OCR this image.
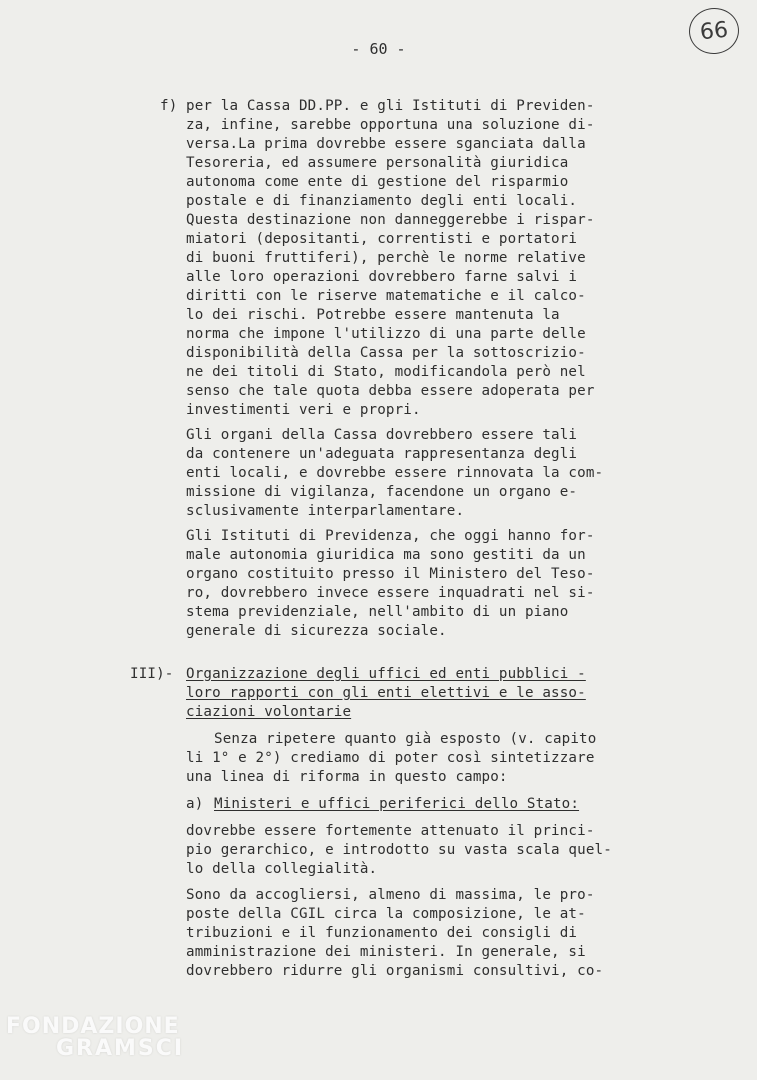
66
- 60 -
f) per la Cassa DD.PP. e gli Istituti di Previden-
za, infine, sarebbe opportuna una soluzione di-
versa.La prima dovrebbe essere sganciata dalla
Tesoreria, ed assumere personalità giuridica
autonoma come ente di gestione del risparmio
postale e di finanziamento degli enti locali.
Questa destinazione non danneggerebbe i rispar-
miatori (depositanti, correntisti e portatori
di buoni fruttiferi), perchè le norme relative
alle loro operazioni dovrebbero farne salvi i
diritti con le riserve matematiche e il calco-
lo dei rischi. Potrebbe essere mantenuta la
norma che impone l'utilizzo di una parte delle
disponibilità della Cassa per la sottoscrizio-
ne dei titoli di Stato, modificandola però nel
senso che tale quota debba essere adoperata per
investimenti veri e propri.
Gli organi della Cassa dovrebbero essere tali
da contenere un'adeguata rappresentanza degli
enti locali, e dovrebbe essere rinnovata la com-
missione di vigilanza, facendone un organo e-
sclusivamente interparlamentare.
Gli Istituti di Previdenza, che oggi hanno for-
male autonomia giuridica ma sono gestiti da un
organo costituito presso il Ministero del Teso-
ro, dovrebbero invece essere inquadrati nel si-
stema previdenziale, nell'ambito di un piano
generale di sicurezza sociale.
III)- Organizzazione degli uffici ed enti pubblici -
loro rapporti con gli enti elettivi e le asso-
ciazioni volontarie
Senza ripetere quanto già esposto (v. capito
li 1° e 2°) crediamo di poter così sintetizzare
una linea di riforma in questo campo:
a) Ministeri e uffici periferici dello Stato:
dovrebbe essere fortemente attenuato il princi-
pio gerarchico, e introdotto su vasta scala quel-
lo della collegialità.
Sono da accogliersi, almeno di massima, le pro-
poste della CGIL circa la composizione, le at-
tribuzioni e il funzionamento dei consigli di
amministrazione dei ministeri. In generale, si
dovrebbero ridurre gli organismi consultivi, co-
FONDAZIONE
GRAMSCI
